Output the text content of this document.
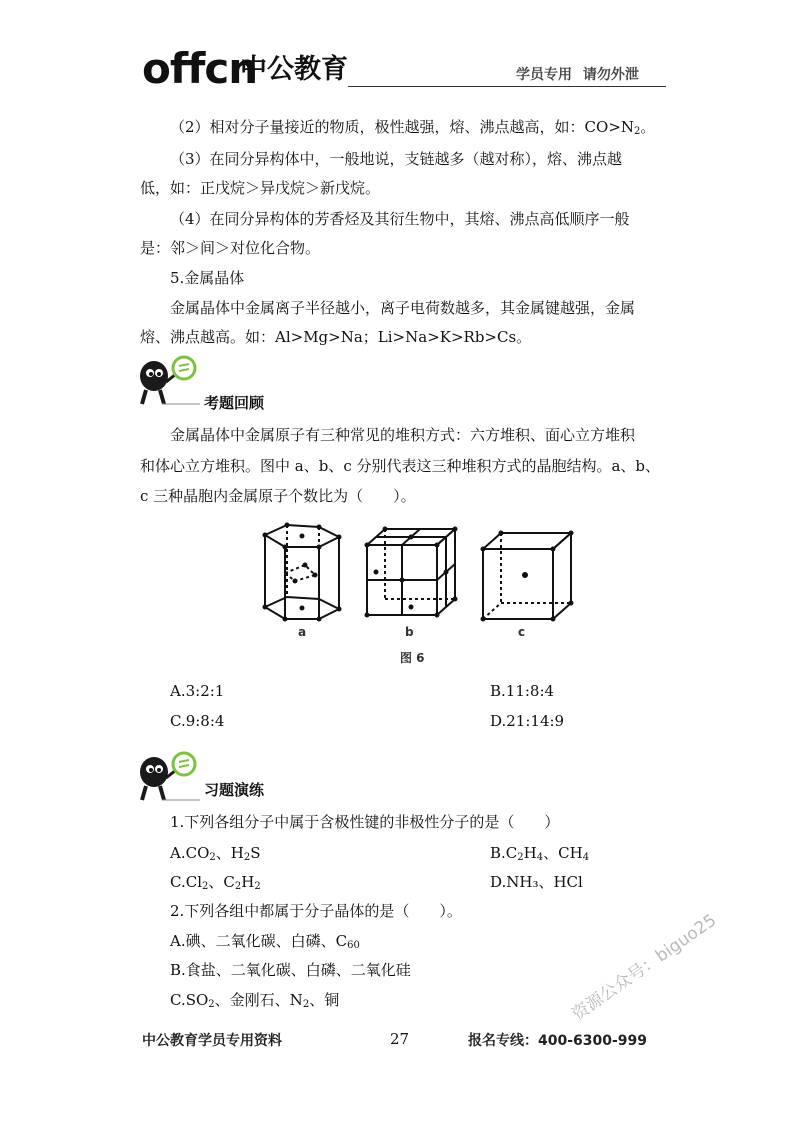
offcn
中公教育	学员专用 请勿外泄
（2）相对分子量接近的物质，极性越强，熔、沸点越高，如：$CO>N_2$。
（3）在同分异构体中，一般地说，支链越多（越对称），熔、沸点越
低，如：正戊烷＞异戊烷＞新戊烷。
（4）在同分异构体的芳香烃及其衍生物中，其熔、沸点高低顺序一般
是：邻＞间＞对位化合物。
5.金属晶体
金属晶体中金属离子半径越小，离子电荷数越多，其金属键越强，金属
熔、沸点越高。如：Al>Mg>Na；Li>Na>K>Rb>Cs。
考题回顾
金属晶体中金属原子有三种常见的堆积方式：六方堆积、面心立方堆积
和体心立方堆积。图中 a、b、c 分别代表这三种堆积方式的晶胞结构。a、b、
c 三种晶胞内金属原子个数比为（　　）。
a	b	c
图 6
A.3:2:1	B.11:8:4
C.9:8:4	D.21:14:9
习题演练
1.下列各组分子中属于含极性键的非极性分子的是（　　）
$A.CO_2$、$H_2S$	$B.C_2H_4$、$CH_4$
$C.Cl_2$、$C_2H_2$	D.NH₃、HCl
2.下列各组中都属于分子晶体的是（　　）。
A.碘、二氧化碳、白磷、$C_{60}$
B.食盐、二氧化碳、白磷、二氧化硅
$C.SO_2$、金刚石、$N_2$、铜
中公教育学员专用资料	27	报名专线：400-6300-999
资源公众号：biguo25
